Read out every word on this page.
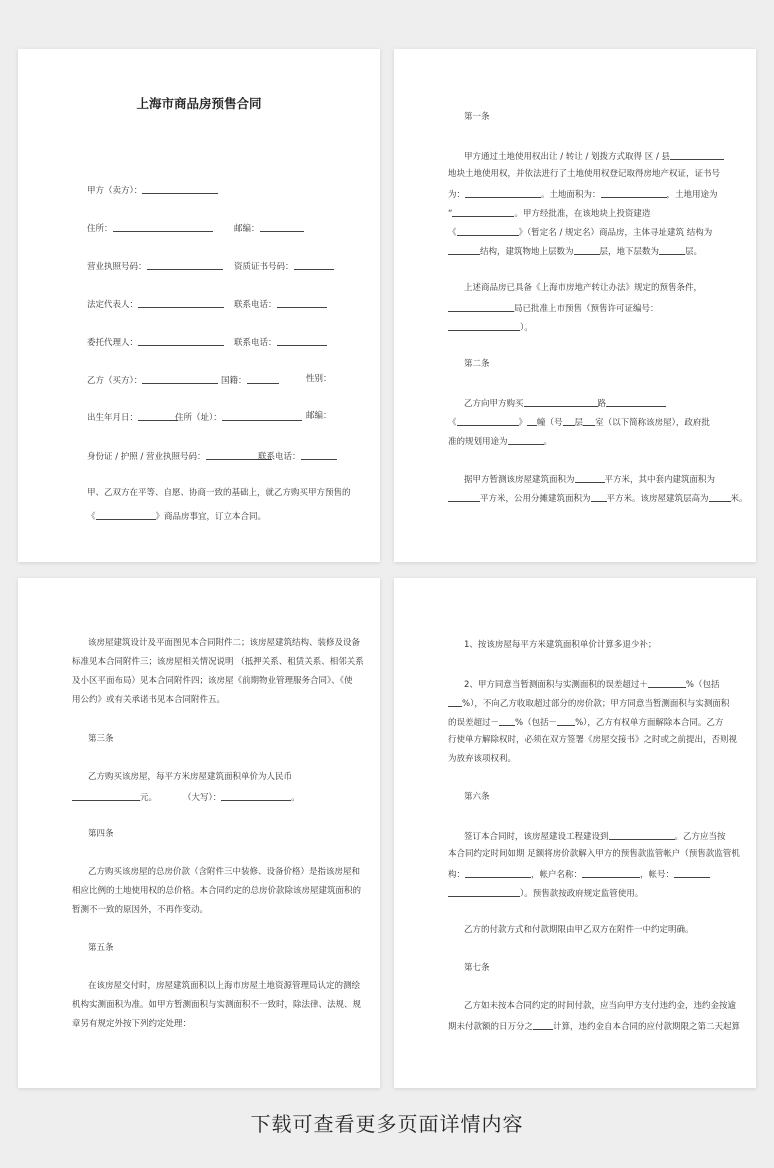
上海市商品房预售合同
甲方（卖方）：
住所：	邮编：
营业执照号码：	资质证书号码：
法定代表人：	联系电话：
委托代理人：	联系电话：
乙方（买方）：	国籍：	性别：
出生年月日：	住所（址）：	邮编：
身份证 / 护照 / 营业执照号码：	联系电话：
甲、乙双方在平等、自愿、协商一致的基础上，就乙方购买甲方预售的
《	》商品房事宜，订立本合同。
第一条
甲方通过土地使用权出让 / 转让 / 划拨方式取得 区 / 县
地块土地使用权，并依法进行了土地使用权登记取得房地产权证，证书号
为：	。土地面积为：	，土地用途为
“	。甲方经批准，在该地块上投资建造
《	》（暂定名 / 规定名）商品房，主体寻址建筑 结构为
结构，建筑物地上层数为	层，地下层数为	层。
上述商品房已具备《上海市房地产转让办法》规定的预售条件，
局已批准上市预售（预售许可证编号：
）。
第二条
乙方向甲方购买	路
《	》 幢（号 层 室（以下简称该房屋），政府批
准的规划用途为	。
据甲方暂测该房屋建筑面积为	平方米，其中套内建筑面积为
平方米，公用分摊建筑面积为 平方米。该房屋建筑层高为	米。
该房屋建筑设计及平面图见本合同附件二；该房屋建筑结构、装修及设备
标准见本合同附件三；该房屋相关情况说明 （抵押关系、租赁关系、相邻关系
及小区平面布局）见本合同附件四；该房屋《前期物业管理服务合同》、《使
用公约》或有关承诺书见本合同附件五。
第三条
乙方购买该房屋，每平方米房屋建筑面积单价为人民币
元。	（大写）：	。
第四条
乙方购买该房屋的总房价款（含附件三中装修、设备价格）是指该房屋和
相应比例的土地使用权的总价格。本合同约定的总房价款除该房屋建筑面积的
暂测不一致的原因外，不再作变动。
第五条
在该房屋交付时，房屋建筑面积以上海市房屋土地资源管理局认定的测绘
机构实测面积为准。如甲方暂测面积与实测面积不一致时，除法律、法规、规
章另有规定外按下列约定处理：
1、按该房屋每平方米建筑面积单价计算多退少补；
2、甲方同意当暂测面积与实测面积的误差超过＋	%（包括
%），不向乙方收取超过部分的房价款；甲方同意当暂测面积与实测面积
的误差超过－ %（包括－ %），乙方有权单方面解除本合同。乙方
行使单方解除权时，必须在双方签署《房屋交接书》之时或之前提出，否则视
为放弃该项权利。
第六条
签订本合同时，该房屋建设工程建设到	。乙方应当按
本合同约定时间如期 足额将房价款解入甲方的预售款监管帐户（预售款监管机
构：	，帐户名称：	，帐号：
）。预售款按政府规定监管使用。
乙方的付款方式和付款期限由甲乙双方在附件一中约定明确。
第七条
乙方如未按本合同约定的时间付款，应当向甲方支付违约金，违约金按逾
期未付款额的日万分之 计算，违约金自本合同的应付款期限之第二天起算
下载可查看更多页面详情内容
